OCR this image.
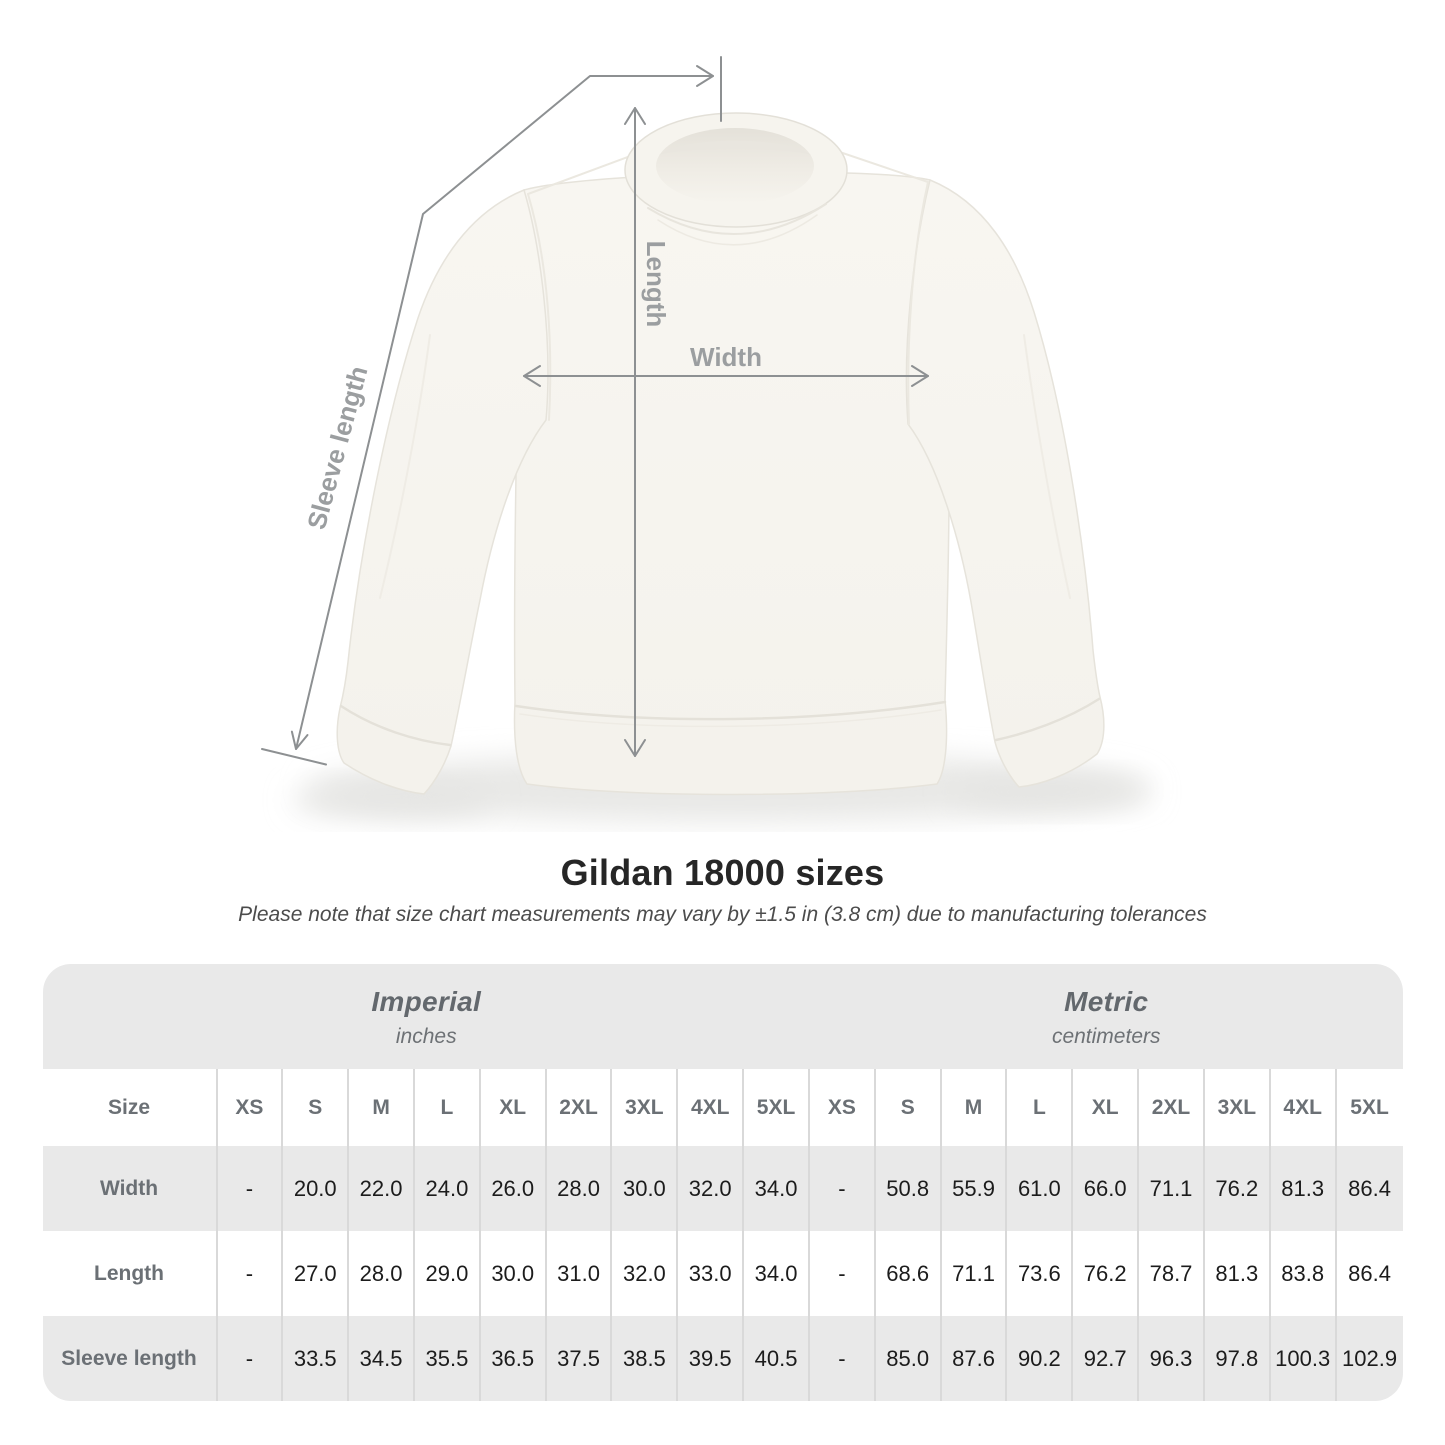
Width
Length
Sleeve length
Gildan 18000 sizes
Please note that size chart measurements may vary by ±1.5 in (3.8 cm) due to manufacturing tolerances
Imperial
inches										Metric
centimeters								

Size	XS	S	M	L	XL	2XL	3XL	4XL	5XL	XS	S	M	L	XL	2XL	3XL	4XL	5XL
Width	-	20.0	22.0	24.0	26.0	28.0	30.0	32.0	34.0	-	50.8	55.9	61.0	66.0	71.1	76.2	81.3	86.4
Length	-	27.0	28.0	29.0	30.0	31.0	32.0	33.0	34.0	-	68.6	71.1	73.6	76.2	78.7	81.3	83.8	86.4
Sleeve length	-	33.5	34.5	35.5	36.5	37.5	38.5	39.5	40.5	-	85.0	87.6	90.2	92.7	96.3	97.8	100.3	102.9
